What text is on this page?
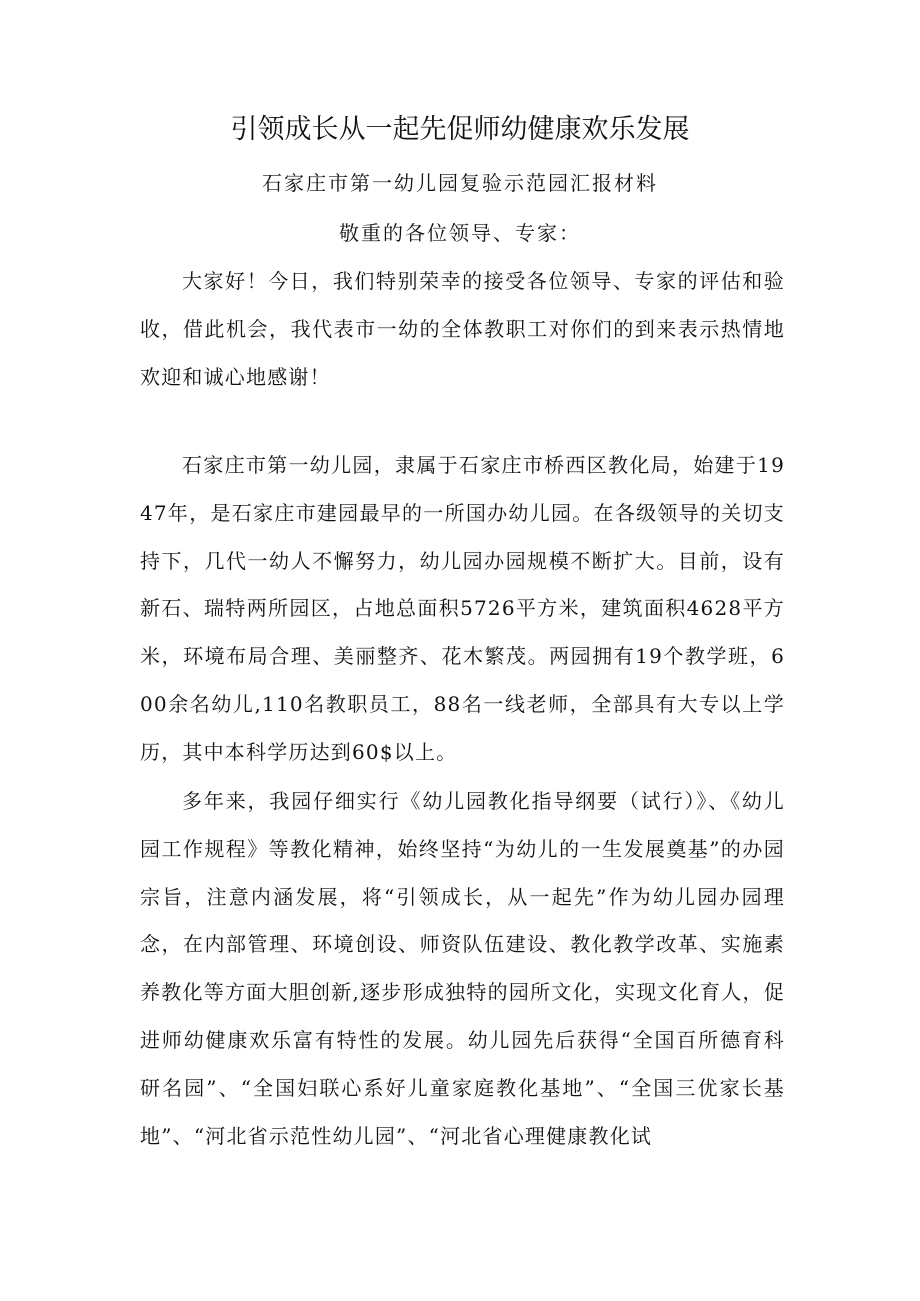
引领成长从一起先促师幼健康欢乐发展
石家庄市第一幼儿园复验示范园汇报材料
敬重的各位领导、专家：

大家好！今日，我们特别荣幸的接受各位领导、专家的评估和验收，借此机会，我代表市一幼的全体教职工对你们的到来表示热情地欢迎和诚心地感谢！

石家庄市第一幼儿园，隶属于石家庄市桥西区教化局，始建于1947年，是石家庄市建园最早的一所国办幼儿园。在各级领导的关切支持下，几代一幼人不懈努力，幼儿园办园规模不断扩大。目前，设有新石、瑞特两所园区，占地总面积5726平方米，建筑面积4628平方米，环境布局合理、美丽整齐、花木繁茂。两园拥有19个教学班，600余名幼儿,110名教职员工，88名一线老师，全部具有大专以上学历，其中本科学历达到60$以上。

多年来，我园仔细实行《幼儿园教化指导纲要（试行）》、《幼儿园工作规程》等教化精神，始终坚持“为幼儿的一生发展奠基”的办园宗旨，注意内涵发展，将“引领成长，从一起先”作为幼儿园办园理念，在内部管理、环境创设、师资队伍建设、教化教学改革、实施素养教化等方面大胆创新,逐步形成独特的园所文化，实现文化育人，促进师幼健康欢乐富有特性的发展。幼儿园先后获得“全国百所德育科研名园”、“全国妇联心系好儿童家庭教化基地”、“全国三优家长基地”、“河北省示范性幼儿园”、“河北省心理健康教化试
